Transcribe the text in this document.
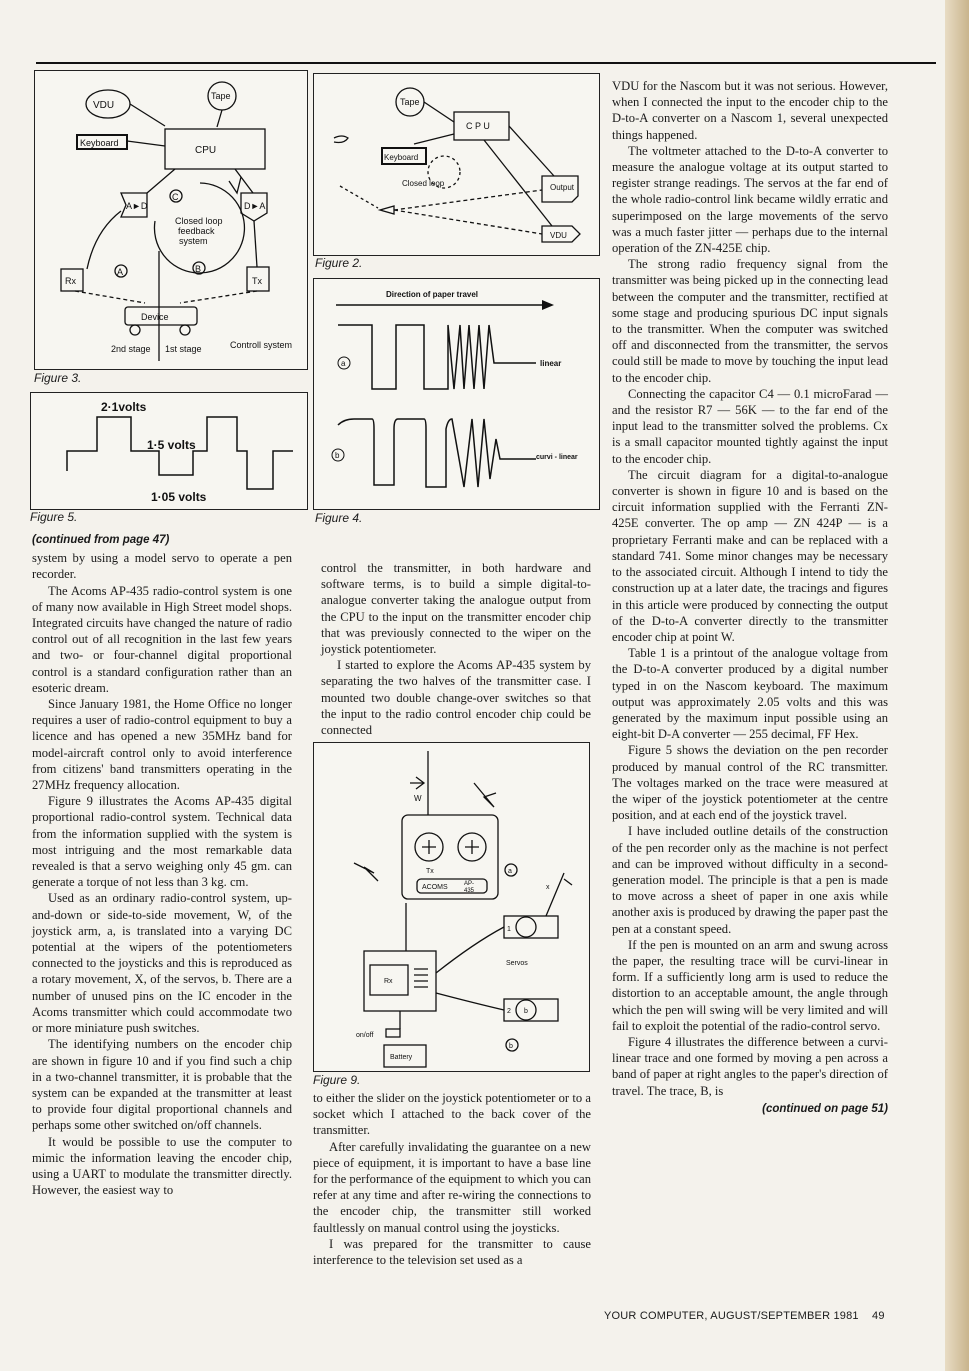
VDU
Tape
Keyboard
CPU
C
Closed loop
feedback
system
A►D	D►A
Rx	Tx
A	B
Device
2nd stage 1st stage	Controll system
Figure 3.
Tape
C P U
Keyboard
Closed loop	Output
VDU
Figure 2.
2·1volts
1·5 volts
1·05 volts
Figure 5.
Direction of paper travel
a
b
linear
curvi - linear
Figure 4.
W
Tx
ACOMS	AP-
435
a
x
1
Servos
Rx
2 b
b
on/off
Battery
Figure 9.
(continued from page 47)

system by using a model servo to operate a pen recorder.

The Acoms AP-435 radio-control system is one of many now available in High Street model shops. Integrated circuits have changed the nature of radio control out of all recognition in the last few years and two- or four-channel digital proportional control is a standard configuration rather than an esoteric dream.

Since January 1981, the Home Office no longer requires a user of radio-control equipment to buy a licence and has opened a new 35MHz band for model-aircraft control only to avoid interference from citizens' band transmitters operating in the 27MHz frequency allocation.

Figure 9 illustrates the Acoms AP-435 digital proportional radio-control system. Technical data from the information supplied with the system is most intriguing and the most remarkable data revealed is that a servo weighing only 45 gm. can generate a torque of not less than 3 kg. cm.

Used as an ordinary radio-control system, up-and-down or side-to-side movement, W, of the joystick arm, a, is translated into a varying DC potential at the wipers of the potentiometers connected to the joysticks and this is reproduced as a rotary movement, X, of the servos, b. There are a number of unused pins on the IC encoder in the Acoms transmitter which could accommodate two or more miniature push switches.

The identifying numbers on the encoder chip are shown in figure 10 and if you find such a chip in a two-channel transmitter, it is probable that the system can be expanded at the transmitter at least to provide four digital proportional channels and perhaps some other switched on/off channels.

It would be possible to use the computer to mimic the information leaving the encoder chip, using a UART to modulate the transmitter directly. However, the easiest way to

control the transmitter, in both hardware and software terms, is to build a simple digital-to-analogue converter taking the analogue output from the CPU to the input on the transmitter encoder chip that was previously connected to the wiper on the joystick potentiometer.

I started to explore the Acoms AP-435 system by separating the two halves of the transmitter case. I mounted two double change-over switches so that the input to the radio control encoder chip could be connected

to either the slider on the joystick potentiometer or to a socket which I attached to the back cover of the transmitter.

After carefully invalidating the guarantee on a new piece of equipment, it is important to have a base line for the performance of the equipment to which you can refer at any time and after re-wiring the connections to the encoder chip, the transmitter still worked faultlessly on manual control using the joysticks.

I was prepared for the transmitter to cause interference to the television set used as a

VDU for the Nascom but it was not serious. However, when I connected the input to the encoder chip to the D-to-A converter on a Nascom 1, several unexpected things happened.

The voltmeter attached to the D-to-A converter to measure the analogue voltage at its output started to register strange readings. The servos at the far end of the whole radio-control link became wildly erratic and superimposed on the large movements of the servo was a much faster jitter — perhaps due to the internal operation of the ZN-425E chip.

The strong radio frequency signal from the transmitter was being picked up in the connecting lead between the computer and the transmitter, rectified at some stage and producing spurious DC input signals to the transmitter. When the computer was switched off and disconnected from the transmitter, the servos could still be made to move by touching the input lead to the encoder chip.

Connecting the capacitor C4 — 0.1 microFarad — and the resistor R7 — 56K — to the far end of the input lead to the transmitter solved the problems. Cx is a small capacitor mounted tightly against the input to the encoder chip.

The circuit diagram for a digital-to-analogue converter is shown in figure 10 and is based on the circuit information supplied with the Ferranti ZN-425E converter. The op amp — ZN 424P — is a proprietary Ferranti make and can be replaced with a standard 741. Some minor changes may be necessary to the associated circuit. Although I intend to tidy the construction up at a later date, the tracings and figures in this article were produced by connecting the output of the D-to-A converter directly to the transmitter encoder chip at point W.

Table 1 is a printout of the analogue voltage from the D-to-A converter produced by a digital number typed in on the Nascom keyboard. The maximum output was approximately 2.05 volts and this was generated by the maximum input possible using an eight-bit D-A converter — 255 decimal, FF Hex.

Figure 5 shows the deviation on the pen recorder produced by manual control of the RC transmitter. The voltages marked on the trace were measured at the wiper of the joystick potentiometer at the centre position, and at each end of the joystick travel.

I have included outline details of the construction of the pen recorder only as the machine is not perfect and can be improved without difficulty in a second-generation model. The principle is that a pen is made to move across a sheet of paper in one axis while another axis is produced by drawing the paper past the pen at a constant speed.

If the pen is mounted on an arm and swung across the paper, the resulting trace will be curvi-linear in form. If a sufficiently long arm is used to reduce the distortion to an acceptable amount, the angle through which the pen will swing will be very limited and will fail to exploit the potential of the radio-control servo.

Figure 4 illustrates the difference between a curvi-linear trace and one formed by moving a pen across a band of paper at right angles to the paper's direction of travel. The trace, B, is

(continued on page 51)
YOUR COMPUTER, AUGUST/SEPTEMBER 1981 49
